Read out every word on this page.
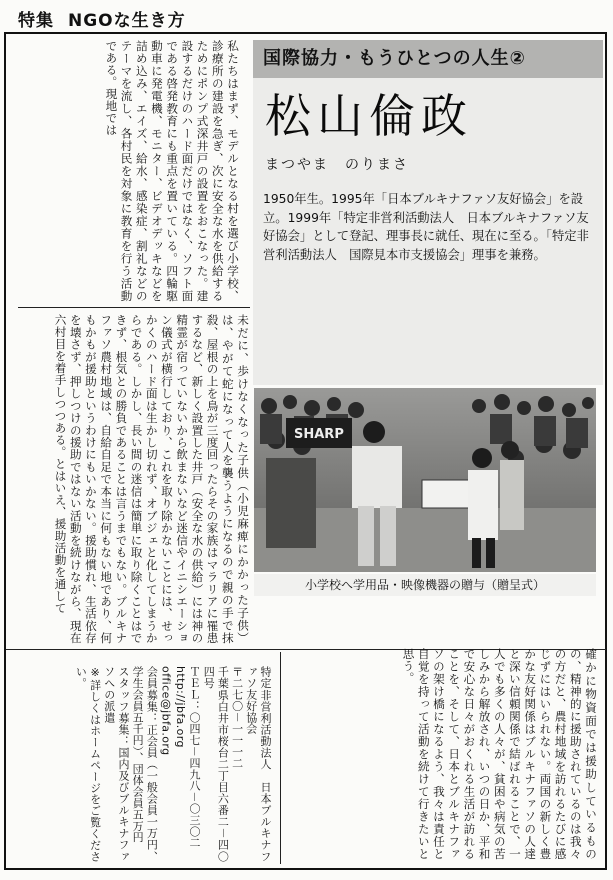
特集 NGOな生き方
私たちはまず、モデルとなる村を選び小学校、診療所の建設を急ぎ、次に安全な水を供給するためにポンプ式深井戸の設置をおこなった。建設するだけのハード面だけではなく、ソフト面である啓発教育にも重点を置いている。四輪駆動車に発電機、モニター、ビデオデッキなどを詰め込み、エイズ、給水、感染症、割礼などのテーマを流し、各村民を対象に教育を行う活動である。現地では
未だに、歩けなくなった子供（小児麻痺にかかった子供）は、やがて蛇になって人を襲うようになるので親の手で抹殺、屋根の上を鳥が三度回ったらその家族はマラリアに罹患するなど、新しく設置した井戸（安全な水の供給）には神の精霊が宿っていないから飲まないなど迷信やイニシエーション儀式が横行しており、これを取り除かないことには、せっかくのハード面は生かし切れず、オブジェと化してしまうからである。しかし、長い間の迷信は簡単に取り除くことはできず、根気との勝負であることは言うまでもない。ブルキナファソ農村地域は、自給自足で本当に何もない地であり、何もかもが援助というわけにもいかない。援助慣れ、生活依存を壊さず、押しつけの援助ではない活動を続けながら、現在六村目を着手しつつある。とはいえ、援助活動を通して
国際協力・もうひとつの人生②
松山倫政
まつやま　のりまさ
1950年生。1995年「日本ブルキナファソ友好協会」を設立。1999年「特定非営利活動法人　日本ブルキナファソ友好協会」として登記、理事長に就任、現在に至る。「特定非営利活動法人　国際見本市支援協会」理事を兼務。
SHARP
小学校へ学用品・映像機器の贈与（贈呈式）
確かに物資面では援助しているものの、精神的に援助されているのは我々の方だと、農村地域を訪れるたびに感じずにはいられない。両国の新しく豊かな友好関係はブルキナファソの人達と深い信頼関係で結ばれることで、一人でも多くの人々が、貧困や病気の苦しみから解放され、いつの日か、平和で安心な日々がおくれる生活が訪れることを、そして、日本とブルキナファソの架け橋になるよう、我々は責任と自覚を持って活動を続けて行きたいと思う。
特定非営利活動法人　日本ブルキナファソ友好協会
〒二七〇－一一一二
千葉県白井市桜台二丁目六番二－四〇四号
ＴＥＬ：〇四七－四九八－〇三〇二
http://jbfa.org
office@jbfa.org
会員募集：正会員（一般会員一万円、学生会員五千円）、団体会員五万円
スタッフ募集：国内及びブルキナファソへの派遣
※詳しくはホームページをご覧ください。
